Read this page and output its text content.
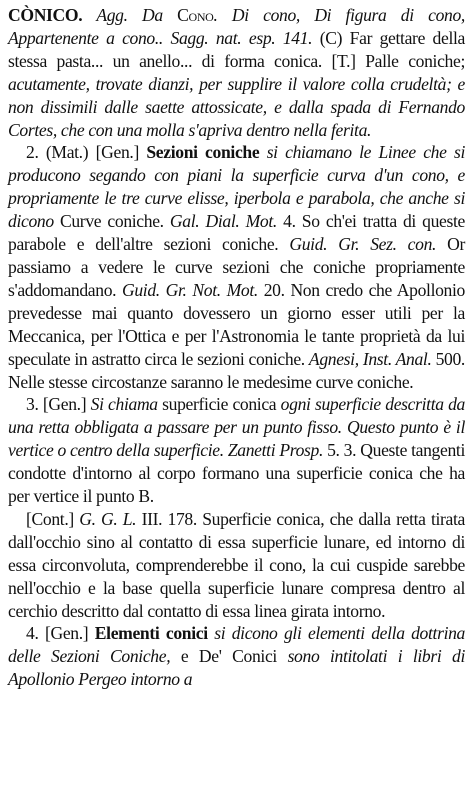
CÒNICO. Agg. Da Cono. Di cono, Di figura di cono, Appartenente a cono.. Sagg. nat. esp. 141. (C) Far gettare della stessa pasta... un anello... di forma conica. [T.] Palle coniche; acutamente, trovate dianzi, per supplire il valore colla crudeltà; e non dissimili dalle saette attossicate, e dalla spada di Fernando Cortes, che con una molla s'apriva dentro nella ferita.

2. (Mat.) [Gen.] Sezioni coniche si chiamano le Linee che si producono segando con piani la superficie curva d'un cono, e propriamente le tre curve elisse, iperbola e parabola, che anche si dicono Curve coniche. Gal. Dial. Mot. 4. So ch'ei tratta di queste parabole e dell'altre sezioni coniche. Guid. Gr. Sez. con. Or passiamo a vedere le curve sezioni che coniche propriamente s'addomandano. Guid. Gr. Not. Mot. 20. Non credo che Apollonio prevedesse mai quanto dovessero un giorno esser utili per la Meccanica, per l'Ottica e per l'Astronomia le tante proprietà da lui speculate in astratto circa le sezioni coniche. Agnesi, Inst. Anal. 500. Nelle stesse circostanze saranno le medesime curve coniche.

3. [Gen.] Si chiama superficie conica ogni superficie descritta da una retta obbligata a passare per un punto fisso. Questo punto è il vertice o centro della superficie. Zanetti Prosp. 5. 3. Queste tangenti condotte d'intorno al corpo formano una superficie conica che ha per vertice il punto B.

[Cont.] G. G. L. III. 178. Superficie conica, che dalla retta tirata dall'occhio sino al contatto di essa superficie lunare, ed intorno di essa circonvoluta, comprenderebbe il cono, la cui cuspide sarebbe nell'occhio e la base quella superficie lunare compresa dentro al cerchio descritto dal contatto di essa linea girata intorno.

4. [Gen.] Elementi conici si dicono gli elementi della dottrina delle Sezioni Coniche, e De' Conici sono intitolati i libri di Apollonio Pergeo intorno a
